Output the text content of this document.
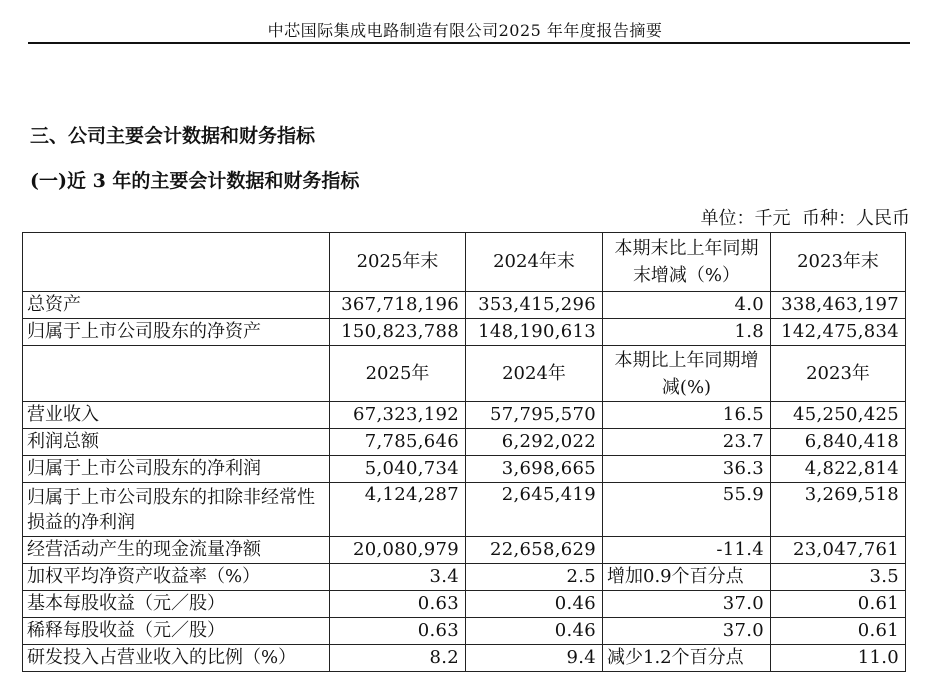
中芯国际集成电路制造有限公司2025 年年度报告摘要
三、公司主要会计数据和财务指标
(一)近 3 年的主要会计数据和财务指标
单位：千元  币种：人民币
	2025年末	2024年末	本期末比上年同期末增减（%）	2023年末
总资产	367,718,196	353,415,296	4.0	338,463,197
归属于上市公司股东的净资产	150,823,788	148,190,613	1.8	142,475,834
	2025年	2024年	本期比上年同期增减(%)	2023年
营业收入	67,323,192	57,795,570	16.5	45,250,425
利润总额	7,785,646	6,292,022	23.7	6,840,418
归属于上市公司股东的净利润	5,040,734	3,698,665	36.3	4,822,814
归属于上市公司股东的扣除非经常性损益的净利润	4,124,287	2,645,419	55.9	3,269,518
经营活动产生的现金流量净额	20,080,979	22,658,629	-11.4	23,047,761
加权平均净资产收益率（%）	3.4	2.5	增加0.9个百分点	3.5
基本每股收益（元／股）	0.63	0.46	37.0	0.61
稀释每股收益（元／股）	0.63	0.46	37.0	0.61
研发投入占营业收入的比例（%）	8.2	9.4	减少1.2个百分点	11.0
